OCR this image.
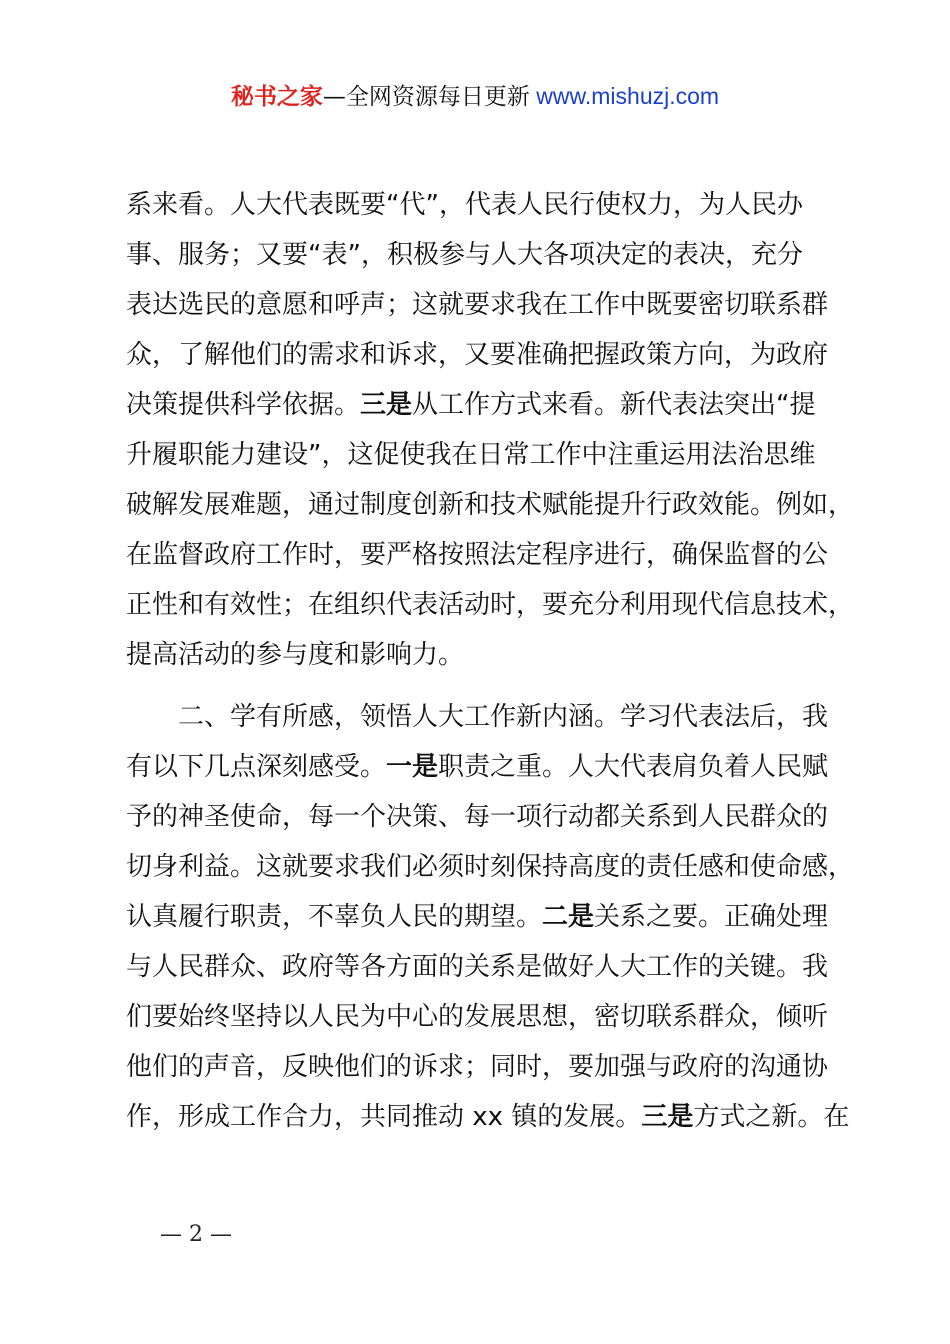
秘书之家—全网资源每日更新 www.mishuzj.com
系来看。人大代表既要“代”，代表人民行使权力，为人民办
事、服务；又要“表”，积极参与人大各项决定的表决，充分
表达选民的意愿和呼声；这就要求我在工作中既要密切联系群
众，了解他们的需求和诉求，又要准确把握政策方向，为政府
决策提供科学依据。三是从工作方式来看。新代表法突出“提
升履职能力建设”，这促使我在日常工作中注重运用法治思维
破解发展难题，通过制度创新和技术赋能提升行政效能。例如，
在监督政府工作时，要严格按照法定程序进行，确保监督的公
正性和有效性；在组织代表活动时，要充分利用现代信息技术，
提高活动的参与度和影响力。
二、学有所感，领悟人大工作新内涵。学习代表法后，我
有以下几点深刻感受。一是职责之重。人大代表肩负着人民赋
予的神圣使命，每一个决策、每一项行动都关系到人民群众的
切身利益。这就要求我们必须时刻保持高度的责任感和使命感，
认真履行职责，不辜负人民的期望。二是关系之要。正确处理
与人民群众、政府等各方面的关系是做好人大工作的关键。我
们要始终坚持以人民为中心的发展思想，密切联系群众，倾听
他们的声音，反映他们的诉求；同时，要加强与政府的沟通协
作，形成工作合力，共同推动 xx 镇的发展。三是方式之新。在
— 2 —
